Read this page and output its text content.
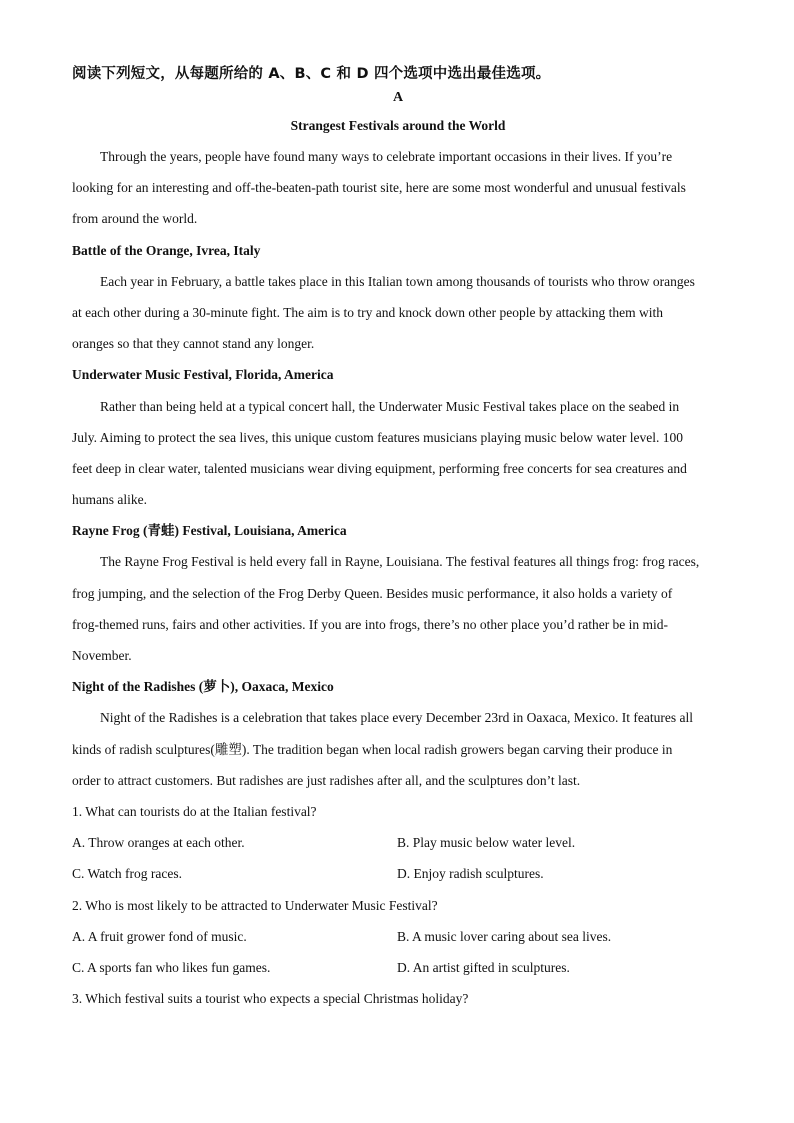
阅读下列短文，从每题所给的 A、B、C 和 D 四个选项中选出最佳选项。
A
Strangest Festivals around the World
Through the years, people have found many ways to celebrate important occasions in their lives. If you’re
looking for an interesting and off-the-beaten-path tourist site, here are some most wonderful and unusual festivals
from around the world.
Battle of the Orange, Ivrea, Italy
Each year in February, a battle takes place in this Italian town among thousands of tourists who throw oranges
at each other during a 30-minute fight. The aim is to try and knock down other people by attacking them with
oranges so that they cannot stand any longer.
Underwater Music Festival, Florida, America
Rather than being held at a typical concert hall, the Underwater Music Festival takes place on the seabed in
July. Aiming to protect the sea lives, this unique custom features musicians playing music below water level. 100
feet deep in clear water, talented musicians wear diving equipment, performing free concerts for sea creatures and
humans alike.
Rayne Frog (青蛙) Festival, Louisiana, America
The Rayne Frog Festival is held every fall in Rayne, Louisiana. The festival features all things frog: frog races,
frog jumping, and the selection of the Frog Derby Queen. Besides music performance, it also holds a variety of
frog-themed runs, fairs and other activities. If you are into frogs, there’s no other place you’d rather be in mid-
November.
Night of the Radishes (萝卜), Oaxaca, Mexico
Night of the Radishes is a celebration that takes place every December 23rd in Oaxaca, Mexico. It features all
kinds of radish sculptures(雕塑). The tradition began when local radish growers began carving their produce in
order to attract customers. But radishes are just radishes after all, and the sculptures don’t last.
1. What can tourists do at the Italian festival?
A. Throw oranges at each other.	B. Play music below water level.
C. Watch frog races.	D. Enjoy radish sculptures.
2. Who is most likely to be attracted to Underwater Music Festival?
A. A fruit grower fond of music.	B. A music lover caring about sea lives.
C. A sports fan who likes fun games.	D. An artist gifted in sculptures.
3. Which festival suits a tourist who expects a special Christmas holiday?
